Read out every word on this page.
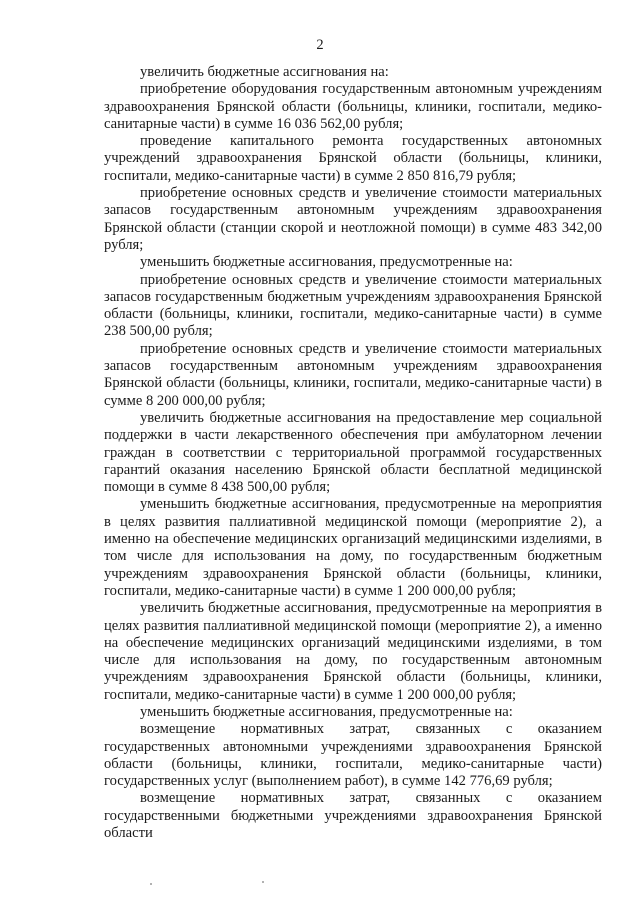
2

увеличить бюджетные ассигнования на:

приобретение оборудования государственным автономным учреждениям здравоохранения Брянской области (больницы, клиники, госпитали, медико-санитарные части) в сумме 16 036 562,00 рубля;

проведение капитального ремонта государственных автономных учреждений здравоохранения Брянской области (больницы, клиники, госпитали, медико-санитарные части) в сумме 2 850 816,79 рубля;

приобретение основных средств и увеличение стоимости материальных запасов государственным автономным учреждениям здравоохранения Брянской области (станции скорой и неотложной помощи) в сумме 483 342,00 рубля;

уменьшить бюджетные ассигнования, предусмотренные на:

приобретение основных средств и увеличение стоимости материальных запасов государственным бюджетным учреждениям здравоохранения Брянской области (больницы, клиники, госпитали, медико-санитарные части) в сумме 238 500,00 рубля;

приобретение основных средств и увеличение стоимости материальных запасов государственным автономным учреждениям здравоохранения Брянской области (больницы, клиники, госпитали, медико-санитарные части) в сумме 8 200 000,00 рубля;

увеличить бюджетные ассигнования на предоставление мер социальной поддержки в части лекарственного обеспечения при амбулаторном лечении граждан в соответствии с территориальной программой государственных гарантий оказания населению Брянской области бесплатной медицинской помощи в сумме 8 438 500,00 рубля;

уменьшить бюджетные ассигнования, предусмотренные на мероприятия в целях развития паллиативной медицинской помощи (мероприятие 2), а именно на обеспечение медицинских организаций медицинскими изделиями, в том числе для использования на дому, по государственным бюджетным учреждениям здравоохранения Брянской области (больницы, клиники, госпитали, медико-санитарные части) в сумме 1 200 000,00 рубля;

увеличить бюджетные ассигнования, предусмотренные на мероприятия в целях развития паллиативной медицинской помощи (мероприятие 2), а именно на обеспечение медицинских организаций медицинскими изделиями, в том числе для использования на дому, по государственным автономным учреждениям здравоохранения Брянской области (больницы, клиники, госпитали, медико-санитарные части) в сумме 1 200 000,00 рубля;

уменьшить бюджетные ассигнования, предусмотренные на:

возмещение нормативных затрат, связанных с оказанием государственных автономными учреждениями здравоохранения Брянской области (больницы, клиники, госпитали, медико-санитарные части) государственных услуг (выполнением работ), в сумме 142 776,69 рубля;

возмещение нормативных затрат, связанных с оказанием государственными бюджетными учреждениями здравоохранения Брянской области
